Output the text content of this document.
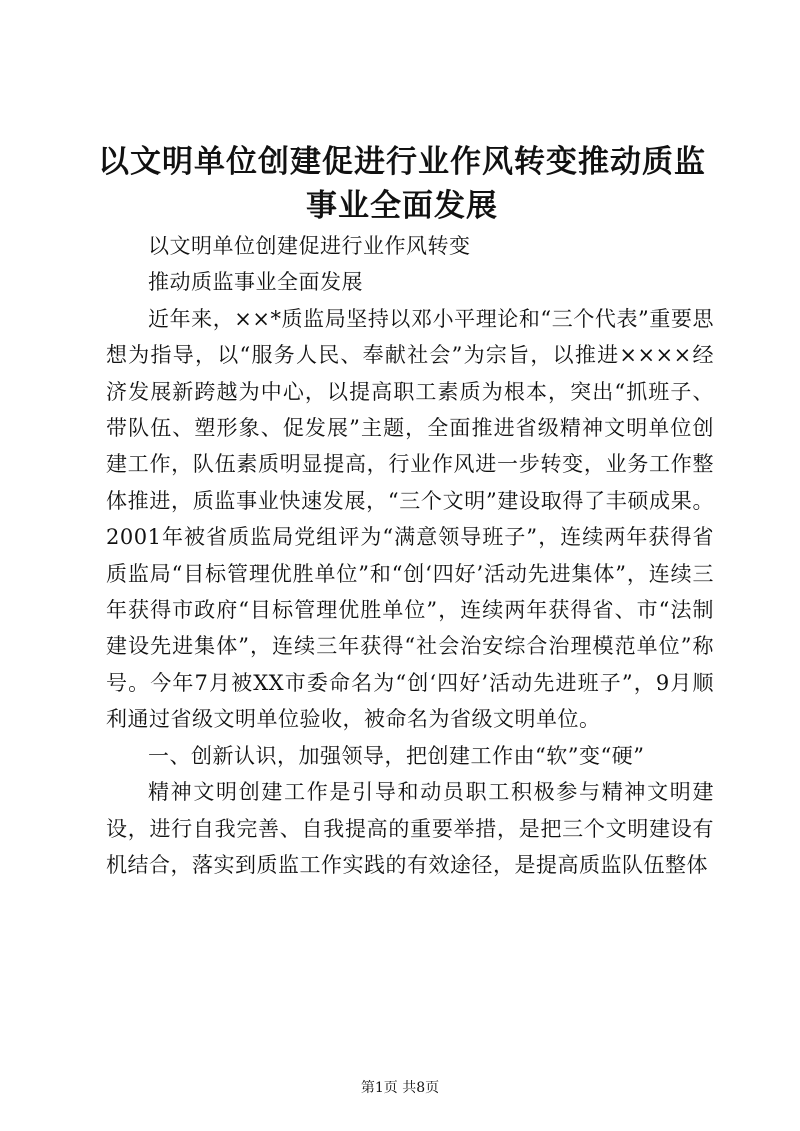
以文明单位创建促进行业作风转变推动质监事业全面发展

以文明单位创建促进行业作风转变

推动质监事业全面发展

近年来，××*质监局坚持以邓小平理论和“三个代表”重要思想为指导，以“服务人民、奉献社会”为宗旨，以推进××××经济发展新跨越为中心，以提高职工素质为根本，突出“抓班子、带队伍、塑形象、促发展”主题，全面推进省级精神文明单位创建工作，队伍素质明显提高，行业作风进一步转变，业务工作整体推进，质监事业快速发展，“三个文明”建设取得了丰硕成果。2001年被省质监局党组评为“满意领导班子”，连续两年获得省质监局“目标管理优胜单位”和“创‘四好’活动先进集体”，连续三年获得市政府“目标管理优胜单位”，连续两年获得省、市“法制建设先进集体”，连续三年获得“社会治安综合治理模范单位”称号。今年7月被XX市委命名为“创‘四好’活动先进班子”，9月顺利通过省级文明单位验收，被命名为省级文明单位。

一、创新认识，加强领导，把创建工作由“软”变“硬”

精神文明创建工作是引导和动员职工积极参与精神文明建设，进行自我完善、自我提高的重要举措，是把三个文明建设有机结合，落实到质监工作实践的有效途径，是提高质监队伍整体

第1页 共8页
